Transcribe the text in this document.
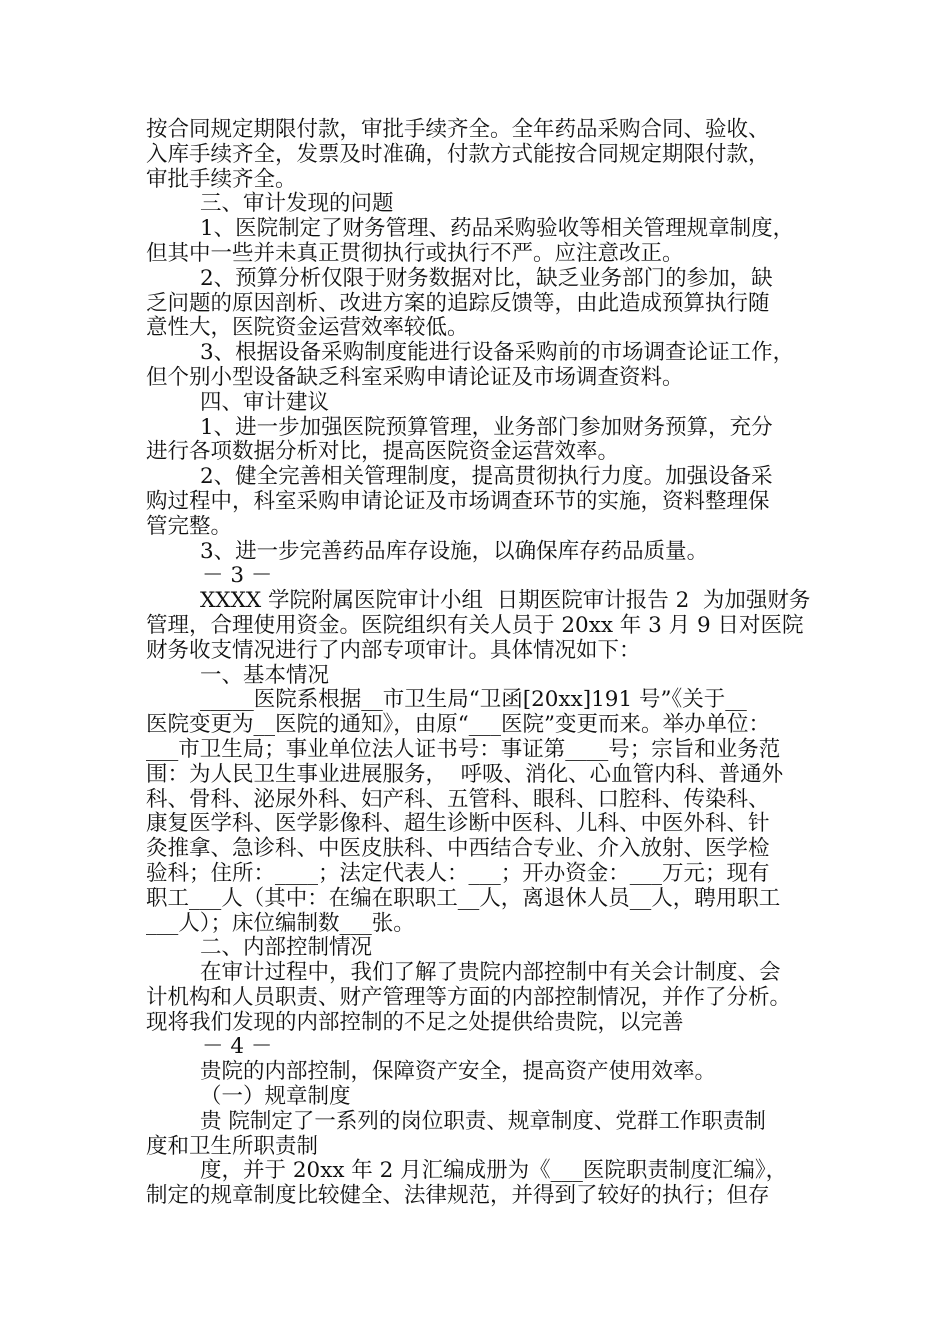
按合同规定期限付款，审批手续齐全。全年药品采购合同、验收、
入库手续齐全，发票及时准确，付款方式能按合同规定期限付款，
审批手续齐全。
三、审计发现的问题
1、医院制定了财务管理、药品采购验收等相关管理规章制度，
但其中一些并未真正贯彻执行或执行不严。应注意改正。
2、预算分析仅限于财务数据对比，缺乏业务部门的参加，缺
乏问题的原因剖析、改进方案的追踪反馈等，由此造成预算执行随
意性大，医院资金运营效率较低。
3、根据设备采购制度能进行设备采购前的市场调查论证工作，
但个别小型设备缺乏科室采购申请论证及市场调查资料。
四、审计建议
1、进一步加强医院预算管理，业务部门参加财务预算，充分
进行各项数据分析对比，提高医院资金运营效率。
2、健全完善相关管理制度，提高贯彻执行力度。加强设备采
购过程中，科室采购申请论证及市场调查环节的实施，资料整理保
管完整。
3、进一步完善药品库存设施，以确保库存药品质量。
－ 3 －
XXXX 学院附属医院审计小组  日期医院审计报告 2  为加强财务
管理，合理使用资金。医院组织有关人员于 20xx 年 3 月 9 日对医院
财务收支情况进行了内部专项审计。具体情况如下：
一、基本情况
_____医院系根据__市卫生局“卫函[20xx]191 号”《关于__
医院变更为__医院的通知》，由原“___医院”变更而来。举办单位：
___市卫生局；事业单位法人证书号：事证第____号；宗旨和业务范
围：为人民卫生事业进展服务，  呼吸、消化、心血管内科、普通外
科、骨科、泌尿外科、妇产科、五管科、眼科、口腔科、传染科、
康复医学科、医学影像科、超生诊断中医科、儿科、中医外科、针
灸推拿、急诊科、中医皮肤科、中西结合专业、介入放射、医学检
验科；住所：____；法定代表人：___；开办资金：___万元；现有
职工___人（其中：在编在职职工__人，离退休人员__人，聘用职工
___人）；床位编制数___张。
二、内部控制情况
在审计过程中，我们了解了贵院内部控制中有关会计制度、会
计机构和人员职责、财产管理等方面的内部控制情况，并作了分析。
现将我们发现的内部控制的不足之处提供给贵院，以完善
－ 4 －
贵院的内部控制，保障资产安全，提高资产使用效率。
（一）规章制度
贵 院制定了一系列的岗位职责、规章制度、党群工作职责制
度和卫生所职责制
度，并于 20xx 年 2 月汇编成册为《___医院职责制度汇编》，
制定的规章制度比较健全、法律规范，并得到了较好的执行；但存
